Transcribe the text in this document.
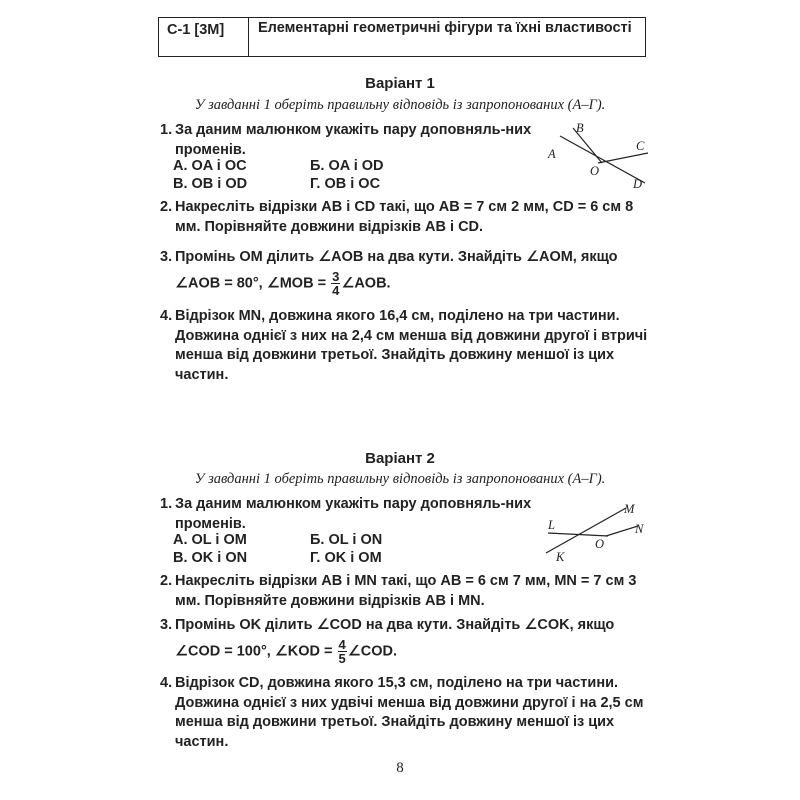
С-1 [3М]	Елементарні геометричні фігури та їхні властивості
Варіант 1
У завданні 1 оберіть правильну відповідь із запропонованих (А–Г).
1. За даним малюнком укажіть пару доповняль-них променів.
А. OA і OC	Б. OA і OD
В. OB і OD	Г. OB і OC
A
B
C
O
D
2. Накресліть відрізки AB і CD такі, що AB = 7 см 2 мм, CD = 6 см 8 мм. Порівняйте довжини відрізків AB і CD.
3. Промінь OM ділить ∠AOB на два кути. Знайдіть ∠AOM, якщо
∠AOB = 80°, ∠MOB = $\frac{3}{4}$ ∠AOB.
4. Відрізок MN, довжина якого 16,4 см, поділено на три частини. Довжина однієї з них на 2,4 см менша від довжини другої і втричі менша від довжини третьої. Знайдіть довжину меншої із цих частин.
Варіант 2
У завданні 1 оберіть правильну відповідь із запропонованих (А–Г).
1. За даним малюнком укажіть пару доповняль-них променів.
А. OL і OM	Б. OL і ON
В. OK і ON	Г. OK і OM
L
M
N
O
K
2. Накресліть відрізки AB і MN такі, що AB = 6 см 7 мм, MN = 7 см 3 мм. Порівняйте довжини відрізків AB і MN.
3. Промінь OK ділить ∠COD на два кути. Знайдіть ∠COK, якщо
∠COD = 100°, ∠KOD = $\frac{4}{5}$ ∠COD.
4. Відрізок CD, довжина якого 15,3 см, поділено на три частини. Довжина однієї з них удвічі менша від довжини другої і на 2,5 см менша від довжини третьої. Знайдіть довжину меншої із цих частин.
8
